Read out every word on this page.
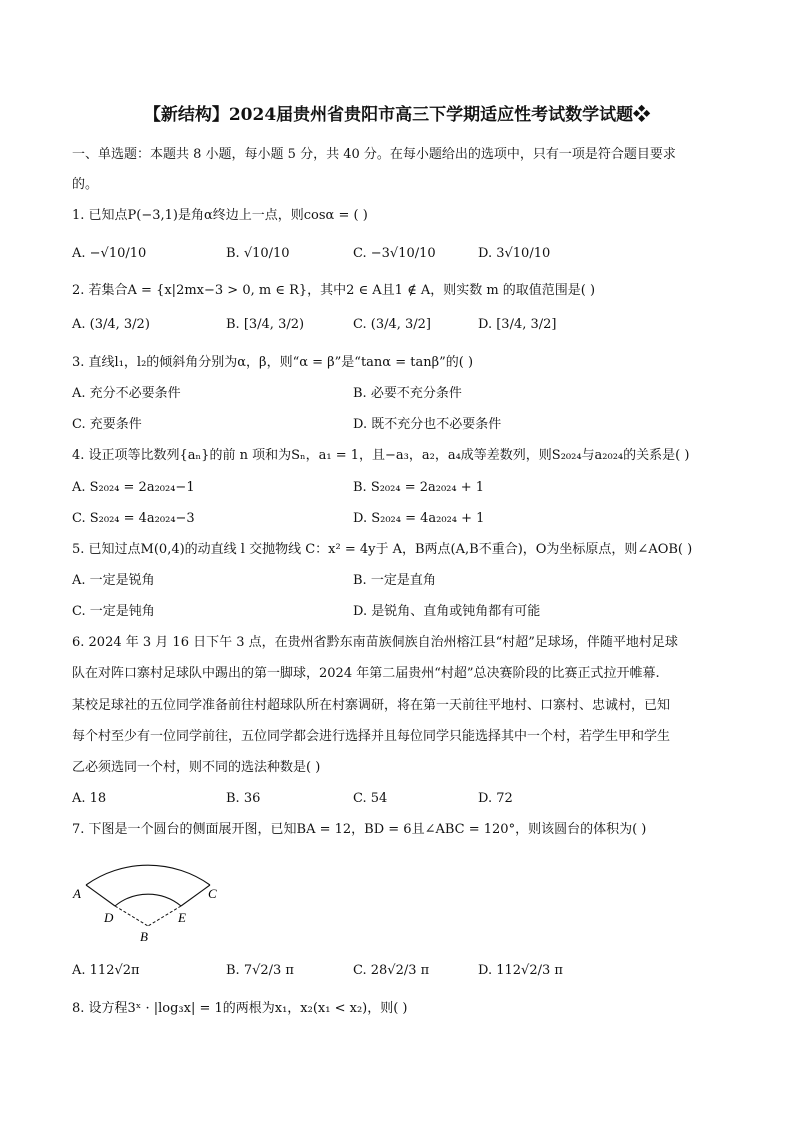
【新结构】2024届贵州省贵阳市高三下学期适应性考试数学试题❖
一、单选题：本题共 8 小题，每小题 5 分，共 40 分。在每小题给出的选项中，只有一项是符合题目要求
的。
1. 已知点P(−3,1)是角α终边上一点，则cosα = ( )
A. −√10/10	B. √10/10	C. −3√10/10	D. 3√10/10
2. 若集合A = {x|2mx−3 > 0, m ∈ R}，其中2 ∈ A且1 ∉ A，则实数 m 的取值范围是( )
A. (3/4, 3/2)	B. [3/4, 3/2)	C. (3/4, 3/2]	D. [3/4, 3/2]
3. 直线l₁，l₂的倾斜角分别为α，β，则“α = β”是“tanα = tanβ”的( )
A. 充分不必要条件	B. 必要不充分条件
C. 充要条件	D. 既不充分也不必要条件
4. 设正项等比数列{aₙ}的前 n 项和为Sₙ，a₁ = 1，且−a₃，a₂，a₄成等差数列，则S₂₀₂₄与a₂₀₂₄的关系是( )
A. S₂₀₂₄ = 2a₂₀₂₄−1	B. S₂₀₂₄ = 2a₂₀₂₄ + 1
C. S₂₀₂₄ = 4a₂₀₂₄−3	D. S₂₀₂₄ = 4a₂₀₂₄ + 1
5. 已知过点M(0,4)的动直线 l 交抛物线 C：x² = 4y于 A，B两点(A,B不重合)，O为坐标原点，则∠AOB( )
A. 一定是锐角	B. 一定是直角
C. 一定是钝角	D. 是锐角、直角或钝角都有可能
6. 2024 年 3 月 16 日下午 3 点，在贵州省黔东南苗族侗族自治州榕江县“村超”足球场，伴随平地村足球
队在对阵口寨村足球队中踢出的第一脚球，2024 年第二届贵州“村超”总决赛阶段的比赛正式拉开帷幕.
某校足球社的五位同学准备前往村超球队所在村寨调研，将在第一天前往平地村、口寨村、忠诚村，已知
每个村至少有一位同学前往，五位同学都会进行选择并且每位同学只能选择其中一个村，若学生甲和学生
乙必须选同一个村，则不同的选法种数是( )
A. 18	B. 36	C. 54	D. 72
7. 下图是一个圆台的侧面展开图，已知BA = 12，BD = 6且∠ABC = 120°，则该圆台的体积为( )
A	C
D	E
B
A. 112√2π	B. 7√2/3 π	C. 28√2/3 π	D. 112√2/3 π
8. 设方程3ˣ · |log₃x| = 1的两根为x₁，x₂(x₁ < x₂)，则( )
